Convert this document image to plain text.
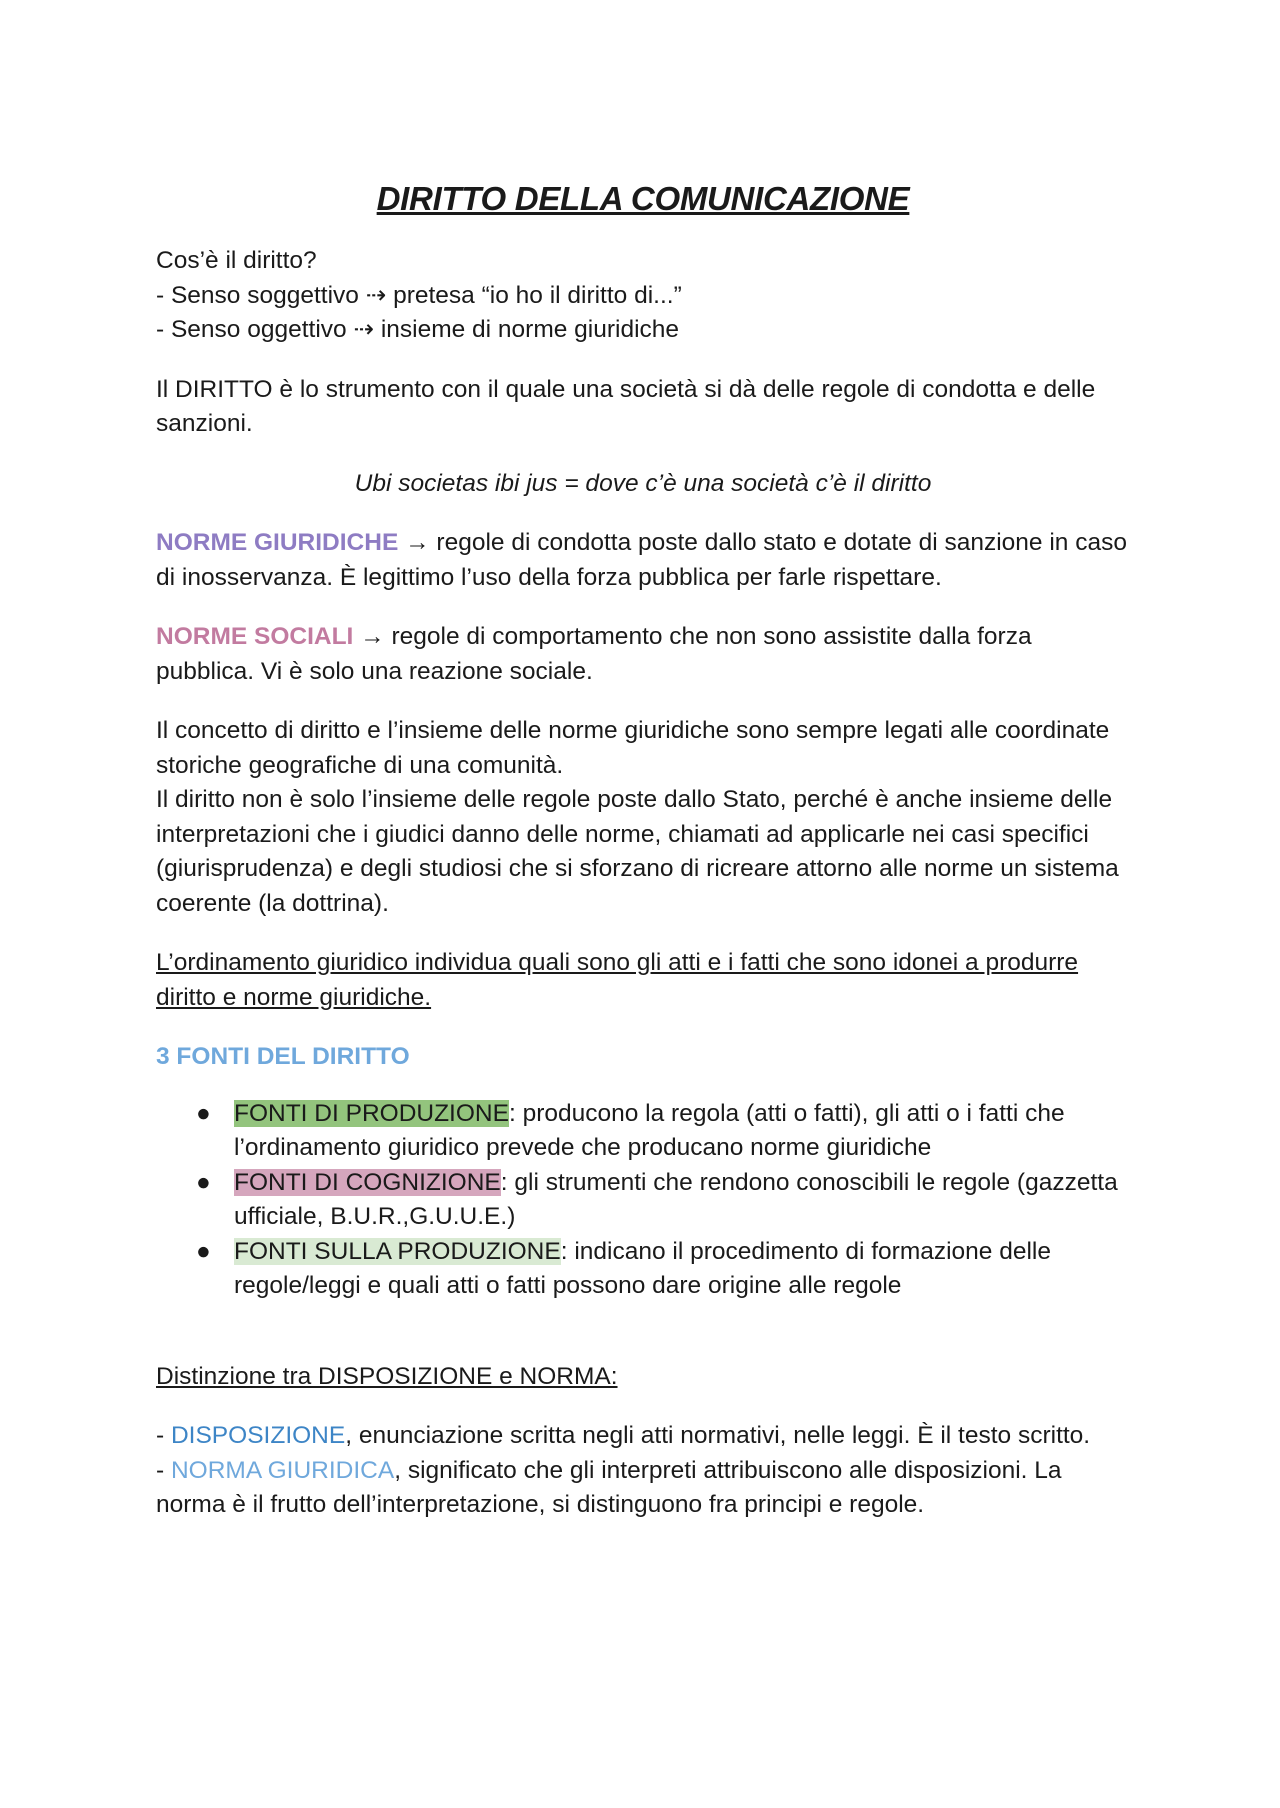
DIRITTO DELLA COMUNICAZIONE

Cos’è il diritto?
- Senso soggettivo ⇢ pretesa “io ho il diritto di...”
- Senso oggettivo ⇢ insieme di norme giuridiche

Il DIRITTO è lo strumento con il quale una società si dà delle regole di condotta e delle sanzioni.

Ubi societas ibi jus = dove c’è una società c’è il diritto

NORME GIURIDICHE → regole di condotta poste dallo stato e dotate di sanzione in caso di inosservanza. È legittimo l’uso della forza pubblica per farle rispettare.

NORME SOCIALI → regole di comportamento che non sono assistite dalla forza pubblica. Vi è solo una reazione sociale.

Il concetto di diritto e l’insieme delle norme giuridiche sono sempre legati alle coordinate storiche geografiche di una comunità.

Il diritto non è solo l’insieme delle regole poste dallo Stato, perché è anche insieme delle interpretazioni che i giudici danno delle norme, chiamati ad applicarle nei casi specifici (giurisprudenza) e degli studiosi che si sforzano di ricreare attorno alle norme un sistema coerente (la dottrina).

L’ordinamento giuridico individua quali sono gli atti e i fatti che sono idonei a produrre diritto e norme giuridiche.

3 FONTI DEL DIRITTO

● FONTI DI PRODUZIONE: producono la regola (atti o fatti), gli atti o i fatti che l’ordinamento giuridico prevede che producano norme giuridiche
● FONTI DI COGNIZIONE: gli strumenti che rendono conoscibili le regole (gazzetta ufficiale, B.U.R.,G.U.U.E.)
● FONTI SULLA PRODUZIONE: indicano il procedimento di formazione delle regole/leggi e quali atti o fatti possono dare origine alle regole

Distinzione tra DISPOSIZIONE e NORMA:

- DISPOSIZIONE, enunciazione scritta negli atti normativi, nelle leggi. È il testo scritto.

- NORMA GIURIDICA, significato che gli interpreti attribuiscono alle disposizioni. La norma è il frutto dell’interpretazione, si distinguono fra principi e regole.
